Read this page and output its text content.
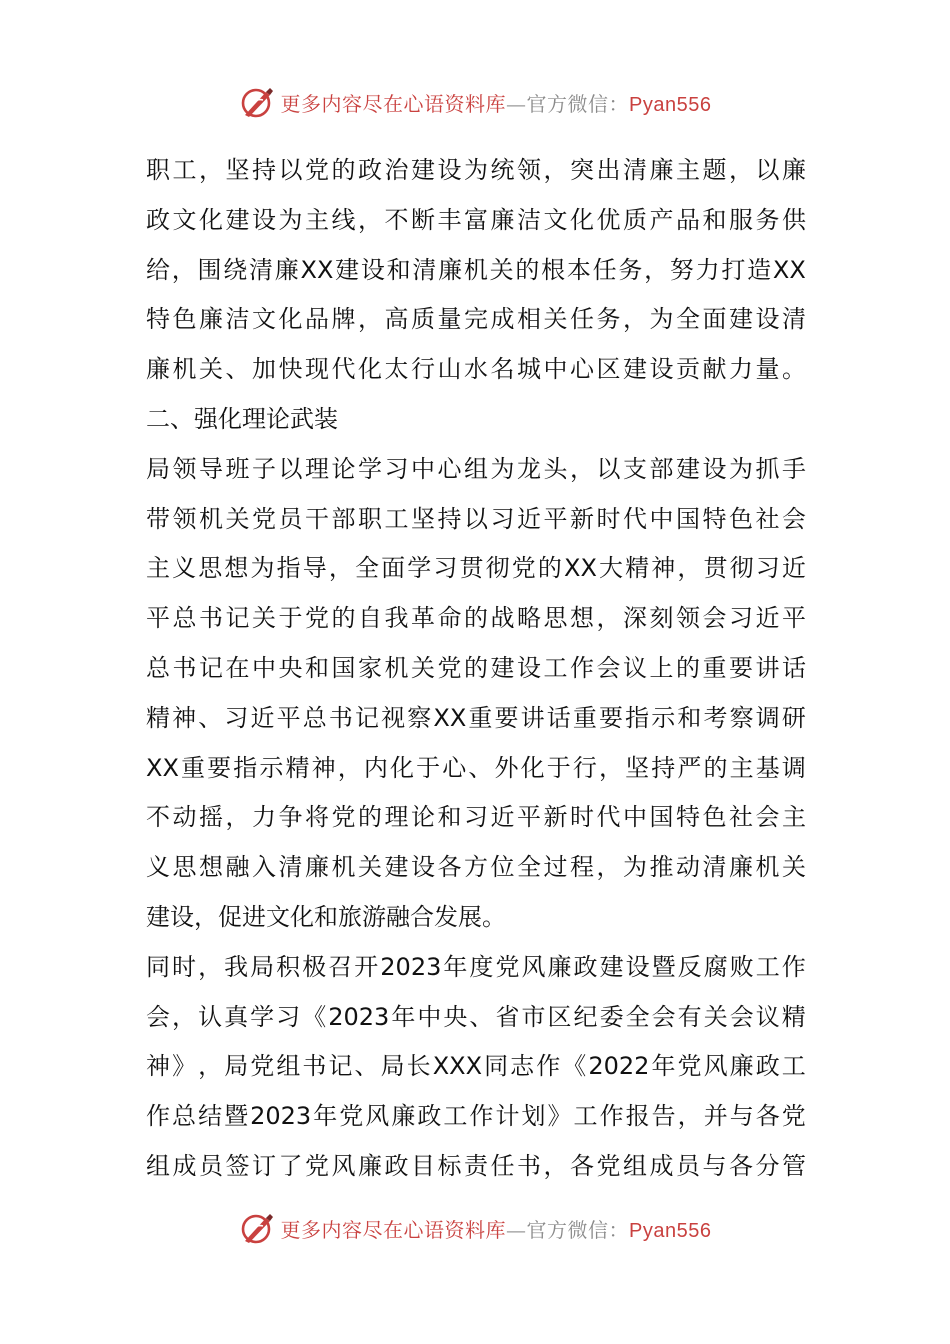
更多内容尽在心语资料库—官方微信：Pyan556
职 工 ， 坚 持 以 党 的 政 治 建 设 为 统 领 ， 突 出 清 廉 主 题 ， 以 廉
政 文 化 建 设 为 主 线 ， 不 断 丰 富 廉 洁 文 化 优 质 产 品 和 服 务 供
给 ， 围 绕 清 廉 XX 建 设 和 清 廉 机 关 的 根 本 任 务 ， 努 力 打 造 XX
特 色 廉 洁 文 化 品 牌 ， 高 质 量 完 成 相 关 任 务 ， 为 全 面 建 设 清
廉 机 关 、 加 快 现 代 化 太 行 山 水 名 城 中 心 区 建 设 贡 献 力 量 。
二、强化理论武装
局 领 导 班 子 以 理 论 学 习 中 心 组 为 龙 头 ， 以 支 部 建 设 为 抓 手
带 领 机 关 党 员 干 部 职 工 坚 持 以 习 近 平 新 时 代 中 国 特 色 社 会
主 义 思 想 为 指 导 ， 全 面 学 习 贯 彻 党 的 XX 大 精 神 ， 贯 彻 习 近
平 总 书 记 关 于 党 的 自 我 革 命 的 战 略 思 想 ， 深 刻 领 会 习 近 平
总 书 记 在 中 央 和 国 家 机 关 党 的 建 设 工 作 会 议 上 的 重 要 讲 话
精 神 、 习 近 平 总 书 记 视 察 XX 重 要 讲 话 重 要 指 示 和 考 察 调 研
XX 重 要 指 示 精 神 ， 内 化 于 心 、 外 化 于 行 ， 坚 持 严 的 主 基 调
不 动 摇 ， 力 争 将 党 的 理 论 和 习 近 平 新 时 代 中 国 特 色 社 会 主
义 思 想 融 入 清 廉 机 关 建 设 各 方 位 全 过 程 ， 为 推 动 清 廉 机 关
建设，促进文化和旅游融合发展。
同 时 ， 我 局 积 极 召 开 2023 年 度 党 风 廉 政 建 设 暨 反 腐 败 工 作
会 ， 认 真 学 习 《 2023 年 中 央 、 省 市 区 纪 委 全 会 有 关 会 议 精
神 》 ， 局 党 组 书 记 、 局 长 XXX 同 志 作 《 2022 年 党 风 廉 政 工
作 总 结 暨 2023 年 党 风 廉 政 工 作 计 划 》 工 作 报 告 ， 并 与 各 党
组 成 员 签 订 了 党 风 廉 政 目 标 责 任 书 ， 各 党 组 成 员 与 各 分 管
更多内容尽在心语资料库—官方微信：Pyan556
